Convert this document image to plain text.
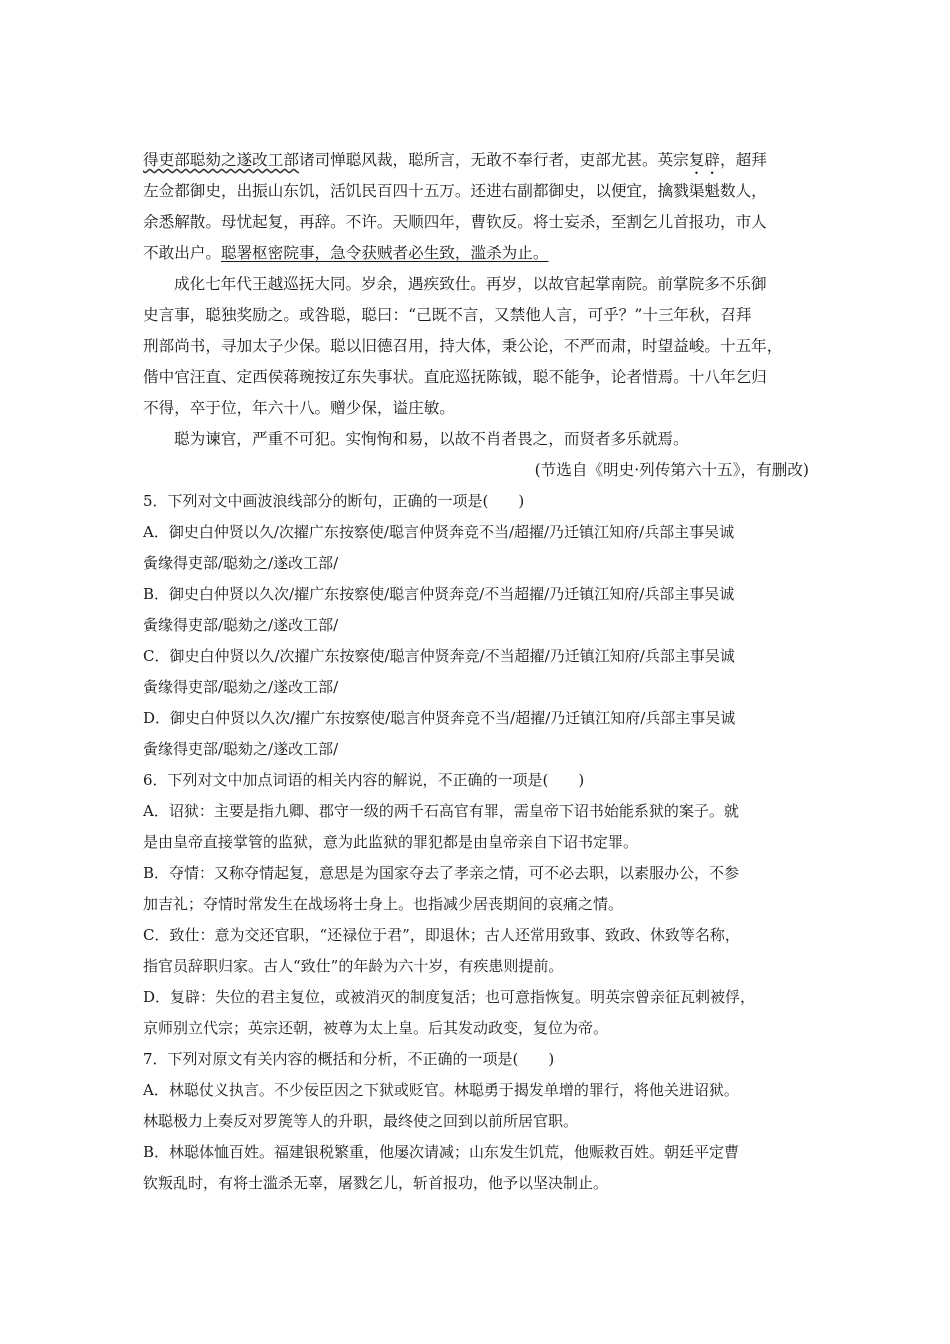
得吏部聪劾之遂改工部诸司惮聪风裁，聪所言，无敢不奉行者，吏部尤甚。英宗复辟，超拜
左佥都御史，出振山东饥，活饥民百四十五万。还进右副都御史，以便宜，擒戮渠魁数人，
余悉解散。母忧起复，再辞。不许。天顺四年，曹钦反。将士妄杀，至割乞儿首报功，市人
不敢出户。聪署枢密院事，急令获贼者必生致，滥杀为止。
成化七年代王越巡抚大同。岁余，遇疾致仕。再岁，以故官起掌南院。前掌院多不乐御
史言事，聪独奖励之。或咎聪，聪曰：“己既不言，又禁他人言，可乎？”十三年秋，召拜
刑部尚书，寻加太子少保。聪以旧德召用，持大体，秉公论，不严而肃，时望益峻。十五年，
偕中官汪直、定西侯蒋琬按辽东失事状。直庇巡抚陈钺，聪不能争，论者惜焉。十八年乞归
不得，卒于位，年六十八。赠少保，谥庄敏。
聪为谏官，严重不可犯。实恂恂和易，以故不肖者畏之，而贤者多乐就焉。
(节选自《明史·列传第六十五》，有删改)
5．下列对文中画波浪线部分的断句，正确的一项是(　　)
A．御史白仲贤以久/次擢广东按察使/聪言仲贤奔竞不当/超擢/乃迁镇江知府/兵部主事吴诚
夤缘得吏部/聪劾之/遂改工部/
B．御史白仲贤以久次/擢广东按察使/聪言仲贤奔竞/不当超擢/乃迁镇江知府/兵部主事吴诚
夤缘得吏部/聪劾之/遂改工部/
C．御史白仲贤以久/次擢广东按察使/聪言仲贤奔竞/不当超擢/乃迁镇江知府/兵部主事吴诚
夤缘得吏部/聪劾之/遂改工部/
D．御史白仲贤以久次/擢广东按察使/聪言仲贤奔竞不当/超擢/乃迁镇江知府/兵部主事吴诚
夤缘得吏部/聪劾之/遂改工部/
6．下列对文中加点词语的相关内容的解说，不正确的一项是(　　)
A．诏狱：主要是指九卿、郡守一级的两千石高官有罪，需皇帝下诏书始能系狱的案子。就
是由皇帝直接掌管的监狱，意为此监狱的罪犯都是由皇帝亲自下诏书定罪。
B．夺情：又称夺情起复，意思是为国家夺去了孝亲之情，可不必去职，以素服办公，不参
加吉礼；夺情时常发生在战场将士身上。也指减少居丧期间的哀痛之情。
C．致仕：意为交还官职，“还禄位于君”，即退休；古人还常用致事、致政、休致等名称，
指官员辞职归家。古人“致仕”的年龄为六十岁，有疾患则提前。
D．复辟：失位的君主复位，或被消灭的制度复活；也可意指恢复。明英宗曾亲征瓦剌被俘，
京师别立代宗；英宗还朝，被尊为太上皇。后其发动政变，复位为帝。
7．下列对原文有关内容的概括和分析，不正确的一项是(　　)
A．林聪仗义执言。不少佞臣因之下狱或贬官。林聪勇于揭发单增的罪行，将他关进诏狱。
林聪极力上奏反对罗箎等人的升职，最终使之回到以前所居官职。
B．林聪体恤百姓。福建银税繁重，他屡次请减；山东发生饥荒，他赈救百姓。朝廷平定曹
钦叛乱时，有将士滥杀无辜，屠戮乞儿，斩首报功，他予以坚决制止。
